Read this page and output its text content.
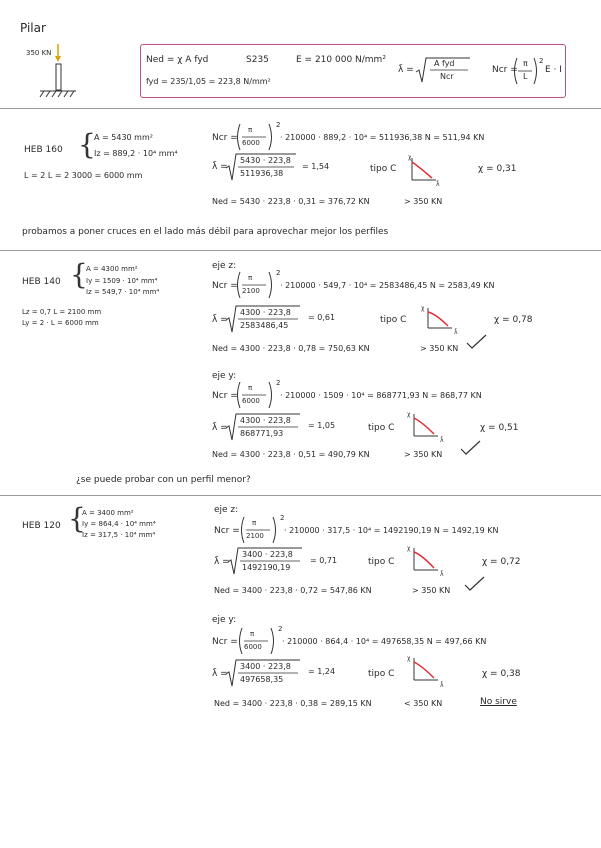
Pilar
350 KN
Ned = χ A fyd	S235	E = 210 000 N/mm²
fyd = 235/1,05 = 223,8 N/mm²
λ̄ =
A fyd
Ncr
Ncr =
π
L
2
E · I
HEB 160 {
A = 5430 mm²
Iz = 889,2 · 10⁴ mm⁴
L = 2 L = 2 3000 = 6000 mm
Ncr =
π
6000
2
· 210000 · 889,2 · 10⁴ = 511936,38 N = 511,94 KN
λ̄ =
5430 · 223,8
511936,38
= 1,54	tipo C
χ
λ̄
χ = 0,31
Ned = 5430 · 223,8 · 0,31 = 376,72 KN	> 350 KN
probamos a poner cruces en el lado más débil para aprovechar mejor los perfiles
HEB 140 {
A = 4300 mm²
Iy = 1509 · 10⁴ mm⁴
Iz = 549,7 · 10⁴ mm⁴
Lz = 0,7 L = 2100 mm
Ly = 2 · L = 6000 mm
eje z:
Ncr =
π
2100
2
· 210000 · 549,7 · 10⁴ = 2583486,45 N = 2583,49 KN
λ̄ =
4300 · 223,8
2583486,45
= 0,61	tipo C
χ
λ̄
χ = 0,78
Ned = 4300 · 223,8 · 0,78 = 750,63 KN	> 350 KN
eje y:
Ncr =
π
6000
2
· 210000 · 1509 · 10⁴ = 868771,93 N = 868,77 KN
λ̄ =
4300 · 223,8
868771,93
= 1,05	tipo C
χ
λ̄
χ = 0,51
Ned = 4300 · 223,8 · 0,51 = 490,79 KN	> 350 KN
¿se puede probar con un perfil menor?
HEB 120 {
A = 3400 mm²
Iy = 864,4 · 10⁴ mm⁴
Iz = 317,5 · 10⁴ mm⁴
eje z:
Ncr =
π
2100
2
· 210000 · 317,5 · 10⁴ = 1492190,19 N = 1492,19 KN
λ̄ =
3400 · 223,8
1492190,19
= 0,71	tipo C
χ
λ̄
χ = 0,72
Ned = 3400 · 223,8 · 0,72 = 547,86 KN	> 350 KN
eje y:
Ncr =
π
6000
2
· 210000 · 864,4 · 10⁴ = 497658,35 N = 497,66 KN
λ̄ =
3400 · 223,8
497658,35
= 1,24	tipo C
χ
λ̄
χ = 0,38
Ned = 3400 · 223,8 · 0,38 = 289,15 KN	< 350 KN	No sirve
